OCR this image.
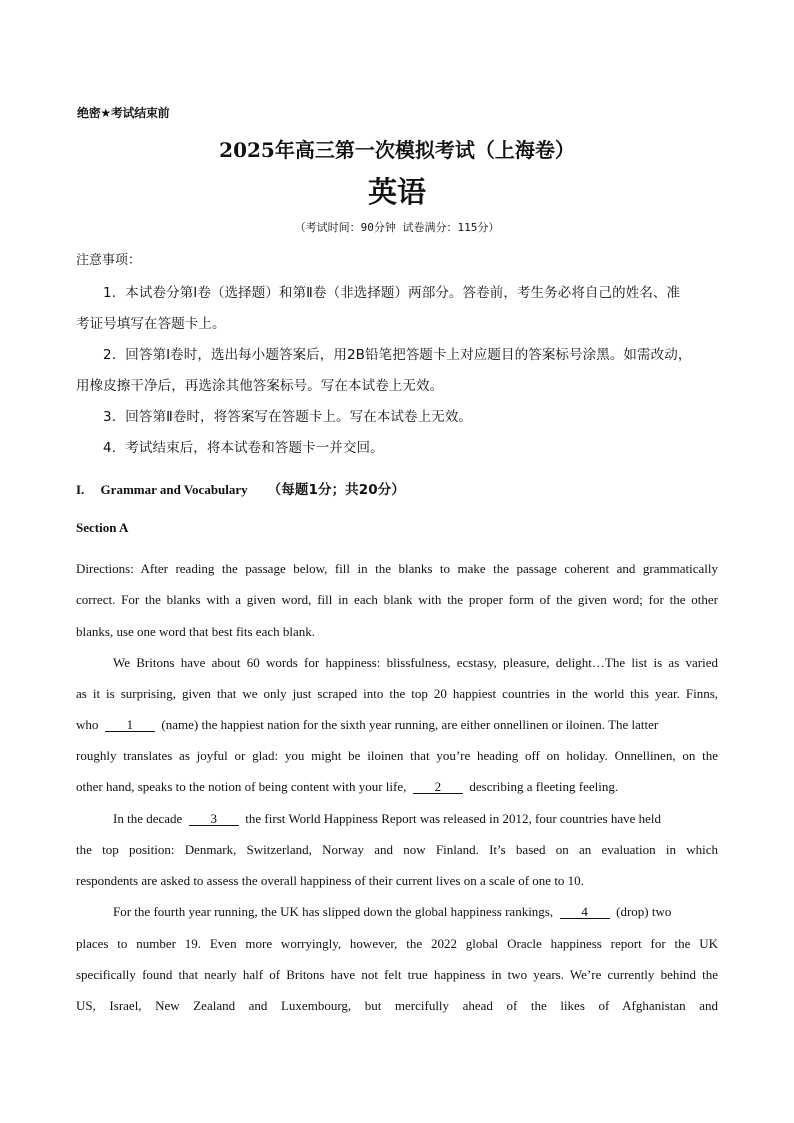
绝密★考试结束前

2025年高三第一次模拟考试（上海卷）

英语

（考试时间：90分钟 试卷满分：115分）

注意事项：

1．本试卷分第Ⅰ卷（选择题）和第Ⅱ卷（非选择题）两部分。答卷前，考生务必将自己的姓名、准

考证号填写在答题卡上。

2．回答第Ⅰ卷时，选出每小题答案后，用2B铅笔把答题卡上对应题目的答案标号涂黑。如需改动，

用橡皮擦干净后，再选涂其他答案标号。写在本试卷上无效。

3．回答第Ⅱ卷时，将答案写在答题卡上。写在本试卷上无效。

4．考试结束后，将本试卷和答题卡一并交回。

I.     Grammar and Vocabulary （每题1分；共20分）

Section A

Directions: After reading the passage below, fill in the blanks to make the passage coherent and grammatically

correct. For the blanks with a given word, fill in each blank with the proper form of the given word; for the other

blanks, use one word that best fits each blank.

We Britons have about 60 words for happiness: blissfulness, ecstasy, pleasure, delight…The list is as varied

as it is surprising, given that we only just scraped into the top 20 happiest countries in the world this year. Finns,

who 1 (name) the happiest nation for the sixth year running, are either onnellinen or iloinen. The latter

roughly translates as joyful or glad: you might be iloinen that you’re heading off on holiday. Onnellinen, on the

other hand, speaks to the notion of being content with your life, 2 describing a fleeting feeling.

In the decade 3 the first World Happiness Report was released in 2012, four countries have held

the top position: Denmark, Switzerland, Norway and now Finland. It’s based on an evaluation in which

respondents are asked to assess the overall happiness of their current lives on a scale of one to 10.

For the fourth year running, the UK has slipped down the global happiness rankings, 4 (drop) two

places to number 19. Even more worryingly, however, the 2022 global Oracle happiness report for the UK

specifically found that nearly half of Britons have not felt true happiness in two years. We’re currently behind the

US, Israel, New Zealand and Luxembourg, but mercifully ahead of the likes of Afghanistan and
